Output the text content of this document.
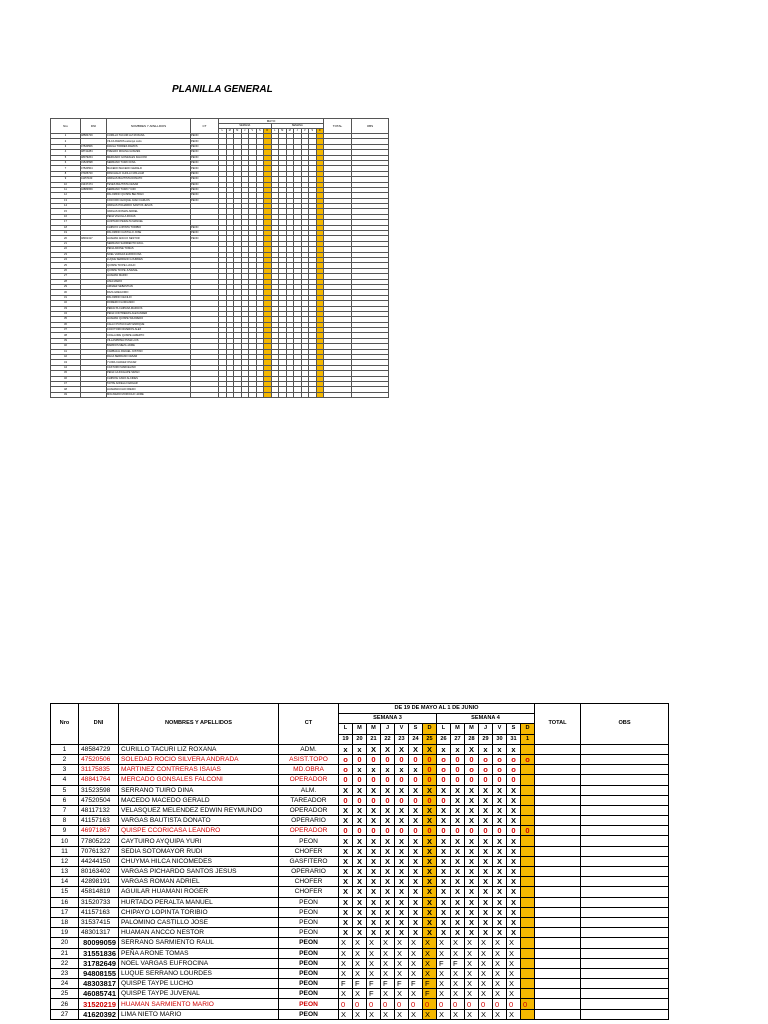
PLANILLA GENERAL
Nro	DNI	NOMBRES Y APELLIDOS	CT	MAYO														TOTAL	OBS
				SEMANA							SEMANA								
				L	M	M	J	V	S	D	L	M	M	J	V	S	D		
1	48584729	CURILLO TACURI LIZ ROXANA	PEON																
2		VILCA RAMOS estrenyo curio	PEON																
3	47520506	DAVILA TORRES RAMOS	PEON																
4	48741284	TREGRO MOLINA GONZES	PEON																
5	48079264	MERCADO GONZALES FALCONI	PEON																
6	31523598	SERRANO TUIRO DINA	PEON																
7	47520504	MACEDO MACEDO GERALD	PEON																
8	37025720	PANCHALO CHOLLO WILLIAM	PEON																
9	41157163	VARGAS BAUTISTA DONATO	PEON																
10	31437474	TEVES BAUTISTA CESAR	PEON																
11	42883659	SERRANO TUIRO YURI	PEON																
12		PALOMINO QUISPE BELTRAN	PEON																
13		COAYORI CHOQUE JUAN CARLOS	PEON																
14		VARGAS PICHARDO SANTOS JESUS																	
15		VARGAS ROMAN ADRIEL																	
16		PEÑA VIGUILLA ROJAS																	
17		HURTADO PERALTA MANUEL																	
18		CHIPAYO LOPINTA TORIBIO	PEON																
19		PALOMINO CASTILLO JOSE	PEON																
20	48301317	HUAMAN ANCCO NESTOR	PEON																
21		SERRANO SARMIENTO RAUL																	
22		PEÑA ARONE TOMAS																	
23		NOEL VARGAS EUFROCINA																	
24		LUQUE SERRANO LOURDES																	
25		QUISPE TAYPE LUCHO																	
26		QUISPE TAYPE JUVENAL																	
27		HUAMAN MARIO																	
28		LIMA MARIO																	
29		ARNAEZ SEBASTIAN																	
30		PAZA GREGORIO																	
31		PALOMINO CECILIO																	
32		ROMERO FLORIANDO																	
33		PERALTA CHIPANA MARCOS																	
34		PEÑA CONTRERAS ALEXANDER																	
35		HUAMAN QUISPE WILFREDO																	
36		CALLO PUTACCHAY ENRIQUE																	
37		COAYTORO RIVEROS ALEX																	
38		COALLORE QUISPE ALBERTO																	
39		VILLASPRIMA PUMA LUIS																	
40		BARRIOS MEZA JAIME																	
41		CARBAJAL RAFAEL JUSTINO																	
42		RACA SERRANO CESAR																	
43		YUJRA CHAVEZ OSCAR																	
44		CASTURO MARCELINO																	
45		PEÑA CAJOCHAPE SIMAO																	
46		CHIPAYE CANO ALCIDES																	
47		TAYPE AOFELLO EDGAR																	
48		HUAMANCCHO FREDO																	
49		MOLINERO MOROCHO JAIME																	
Nro	DNI	NOMBRES Y APELLIDOS	CT	DE 19 DE MAYO AL 1 DE JUNIO														TOTAL	OBS
				SEMANA 3							SEMANA 4								
				L	M	M	J	V	S	D	L	M	M	J	V	S	D		
				19	20	21	22	23	24	25	26	27	28	29	30	31	1		
1	48584729	CURILLO TACURI LIZ ROXANA	ADM.	x	x	X	X	X	X	X	x	x	X	x	x	x			
2	47520506	SOLEDAD ROCIO SILVERA ANDRADA	ASIST.TOPO	o	0	0	0	0	0	0	o	0	0	o	o	o	o		
3	31175835	MARTINEZ CONTRERAS ISAIAS	MD.OBRA	o	x	x	x	x	x	0	o	0	o	o	o	o			
4	48841764	MERCADO GONSALES FALCONI	OPERADOR	0	0	0	0	0	0	0	0	0	0	0	0	0			
5	31523598	SERRANO TUIRO DINA	ALM.	X	X	X	X	X	X	X	X	X	X	X	X	X			
6	47520504	MACEDO MACEDO GERALD	TAREADOR	0	0	0	0	0	0	0	0	X	X	X	X	X			
7	48117132	VELASQUEZ MELENDEZ EDWIN REYMUNDO	OPERADOR	X	X	X	X	X	X	X	X	X	X	X	X	X			
8	41157163	VARGAS BAUTISTA DONATO	OPERARIO	X	X	X	X	X	X	X	X	X	X	X	X	X			
9	46971867	QUISPE CCORICASA LEANDRO	OPERADOR	0	0	0	0	0	0	0	0	0	0	0	0	0	0		
10	77805222	CAYTUIRO AYQUIPA YURI	PEON	X	X	X	X	X	X	X	X	X	X	X	X	X			
11	70761327	SEDIA SOTOMAYOR RUDI	CHOFER	X	X	X	X	X	X	X	X	X	X	X	X	X			
12	44244150	CHUYMA HILCA NICOMEDES	GASFITERO	X	X	X	X	X	X	X	X	X	X	X	X	X			
13	80163402	VARGAS PICHARDO SANTOS JESUS	OPERARIO	X	X	X	X	X	X	X	X	X	X	X	X	X			
14	42898191	VARGAS ROMAN ADRIEL	CHOFER	X	X	X	X	X	X	X	X	X	X	X	X	X			
15	45814819	AGUILAR HUAMANI ROGER	CHOFER	X	X	X	X	X	X	X	X	X	X	X	X	X			
16	31520733	HURTADO PERALTA MANUEL	PEON	X	X	X	X	X	X	X	X	X	X	X	X	X			
17	41157163	CHIPAYO LOPINTA TORIBIO	PEON	X	X	X	X	X	X	X	X	X	X	X	X	X			
18	31537415	PALOMINO CASTILLO JOSE	PEON	X	X	X	X	X	X	X	X	X	X	X	X	X			
19	48301317	HUAMAN ANCCO NESTOR	PEON	X	X	X	X	X	X	X	X	X	X	X	X	X			
20	80099059	SERRANO SARMIENTO RAUL	PEON	X	X	X	X	X	X	X	X	X	X	X	X	X			
21	31551836	PEÑA ARONE TOMAS	PEON	X	X	X	X	X	X	X	X	X	X	X	X	X			
22	31782649	NOEL VARGAS EUFROCINA	PEON	X	X	X	X	X	X	X	F	F	X	X	X	X			
23	94808155	LUQUE SERRANO LOURDES	PEON	X	X	X	X	X	X	X	X	X	X	X	X	X			
24	48303817	QUISPE TAYPE LUCHO	PEON	F	F	F	F	F	F	F	X	X	X	X	X	X			
25	46085741	QUISPE TAYPE JUVENAL	PEON	X	X	F	X	X	X	F	X	X	X	X	X	X			
26	31520219	HUAMAN SARMIENTO MARIO	PEON	0	0	0	0	0	0	0	0	0	0	0	0	0	0		
27	41620392	LIMA NIETO MARIO	PEON	X	X	X	X	X	X	X	X	X	X	X	X	X			
